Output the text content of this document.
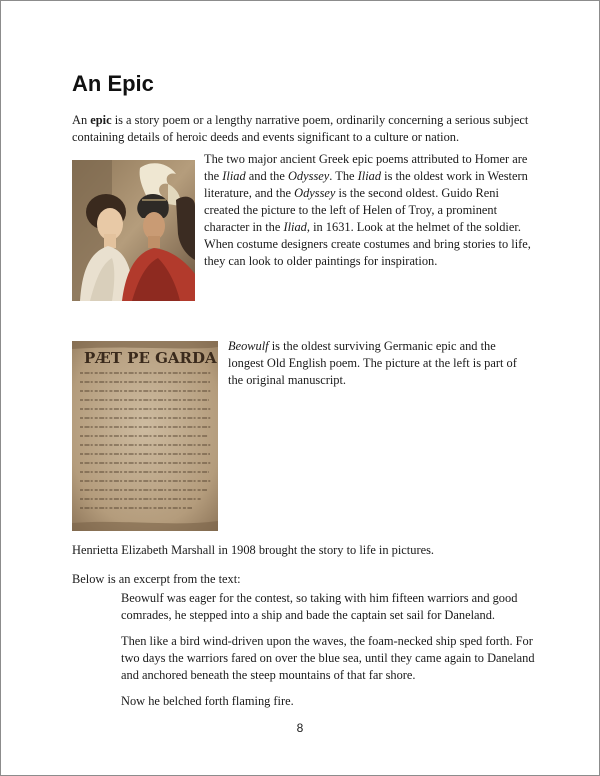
An Epic

An epic is a story poem or a lengthy narrative poem, ordinarily concerning a serious subject containing details of heroic deeds and events significant to a culture or nation.

The two major ancient Greek epic poems attributed to Homer are the Iliad and the Odyssey. The Iliad is the oldest work in Western literature, and the Odyssey is the second oldest. Guido Reni created the picture to the left of Helen of Troy, a prominent character in the Iliad, in 1631. Look at the helmet of the soldier. When costume designers create costumes and bring stories to life, they can look to older paintings for inspiration.

PÆT PE GARDA

Beowulf is the oldest surviving Germanic epic and the longest Old English poem. The picture at the left is part of the original manuscript.

Henrietta Elizabeth Marshall in 1908 brought the story to life in pictures.

Below is an excerpt from the text:

Beowulf was eager for the contest, so taking with him fifteen warriors and good comrades, he stepped into a ship and bade the captain set sail for Daneland.

Then like a bird wind-driven upon the waves, the foam-necked ship sped forth. For two days the warriors fared on over the blue sea, until they came again to Daneland and anchored beneath the steep mountains of that far shore.

Now he belched forth flaming fire.

8
